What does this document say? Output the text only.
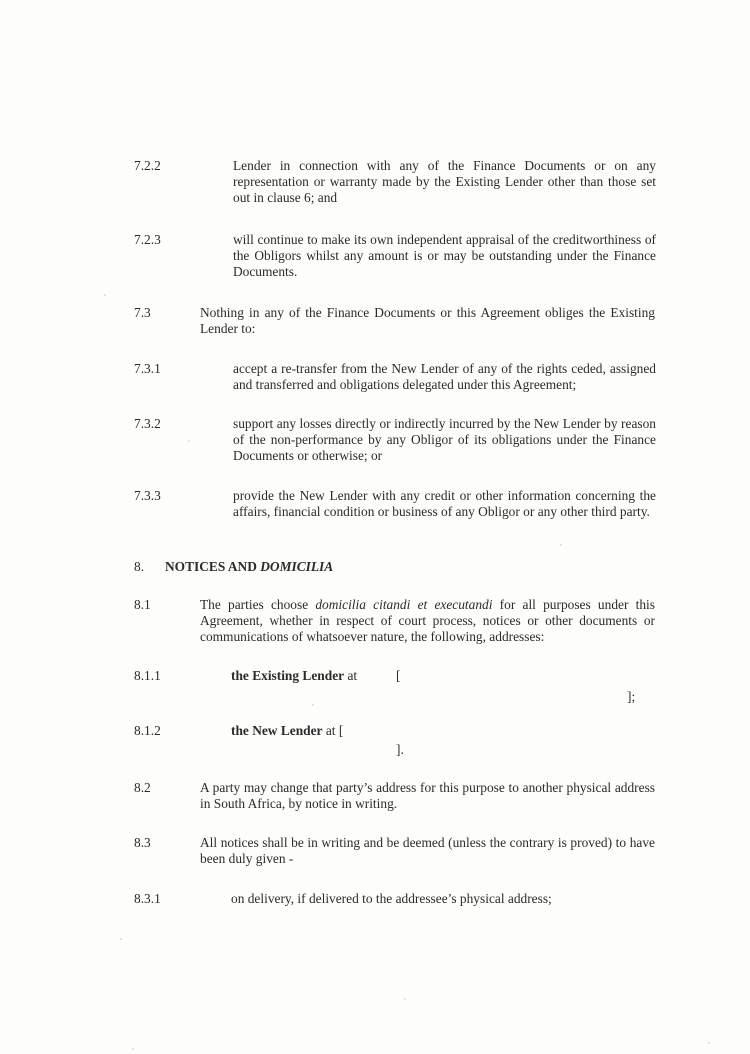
7.2.2	Lender in connection with any of the Finance Documents or on any representation or warranty made by the Existing Lender other than those set out in clause 6; and
7.2.3	will continue to make its own independent appraisal of the creditworthiness of the Obligors whilst any amount is or may be outstanding under the Finance Documents.
7.3	Nothing in any of the Finance Documents or this Agreement obliges the Existing Lender to:
7.3.1	accept a re-transfer from the New Lender of any of the rights ceded, assigned and transferred and obligations delegated under this Agreement;
7.3.2	support any losses directly or indirectly incurred by the New Lender by reason of the non-performance by any Obligor of its obligations under the Finance Documents or otherwise; or
7.3.3	provide the New Lender with any credit or other information concerning the affairs, financial condition or business of any Obligor or any other third party.
8. NOTICES AND DOMICILIA
8.1	The parties choose domicilia citandi et executandi for all purposes under this Agreement, whether in respect of court process, notices or other documents or communications of whatsoever nature, the following, addresses:
8.1.1	the Existing Lender at	[
];
8.1.2	the New Lender at [
].
8.2	A party may change that party’s address for this purpose to another physical address in South Africa, by notice in writing.
8.3	All notices shall be in writing and be deemed (unless the contrary is proved) to have been duly given -
8.3.1	on delivery, if delivered to the addressee’s physical address;
